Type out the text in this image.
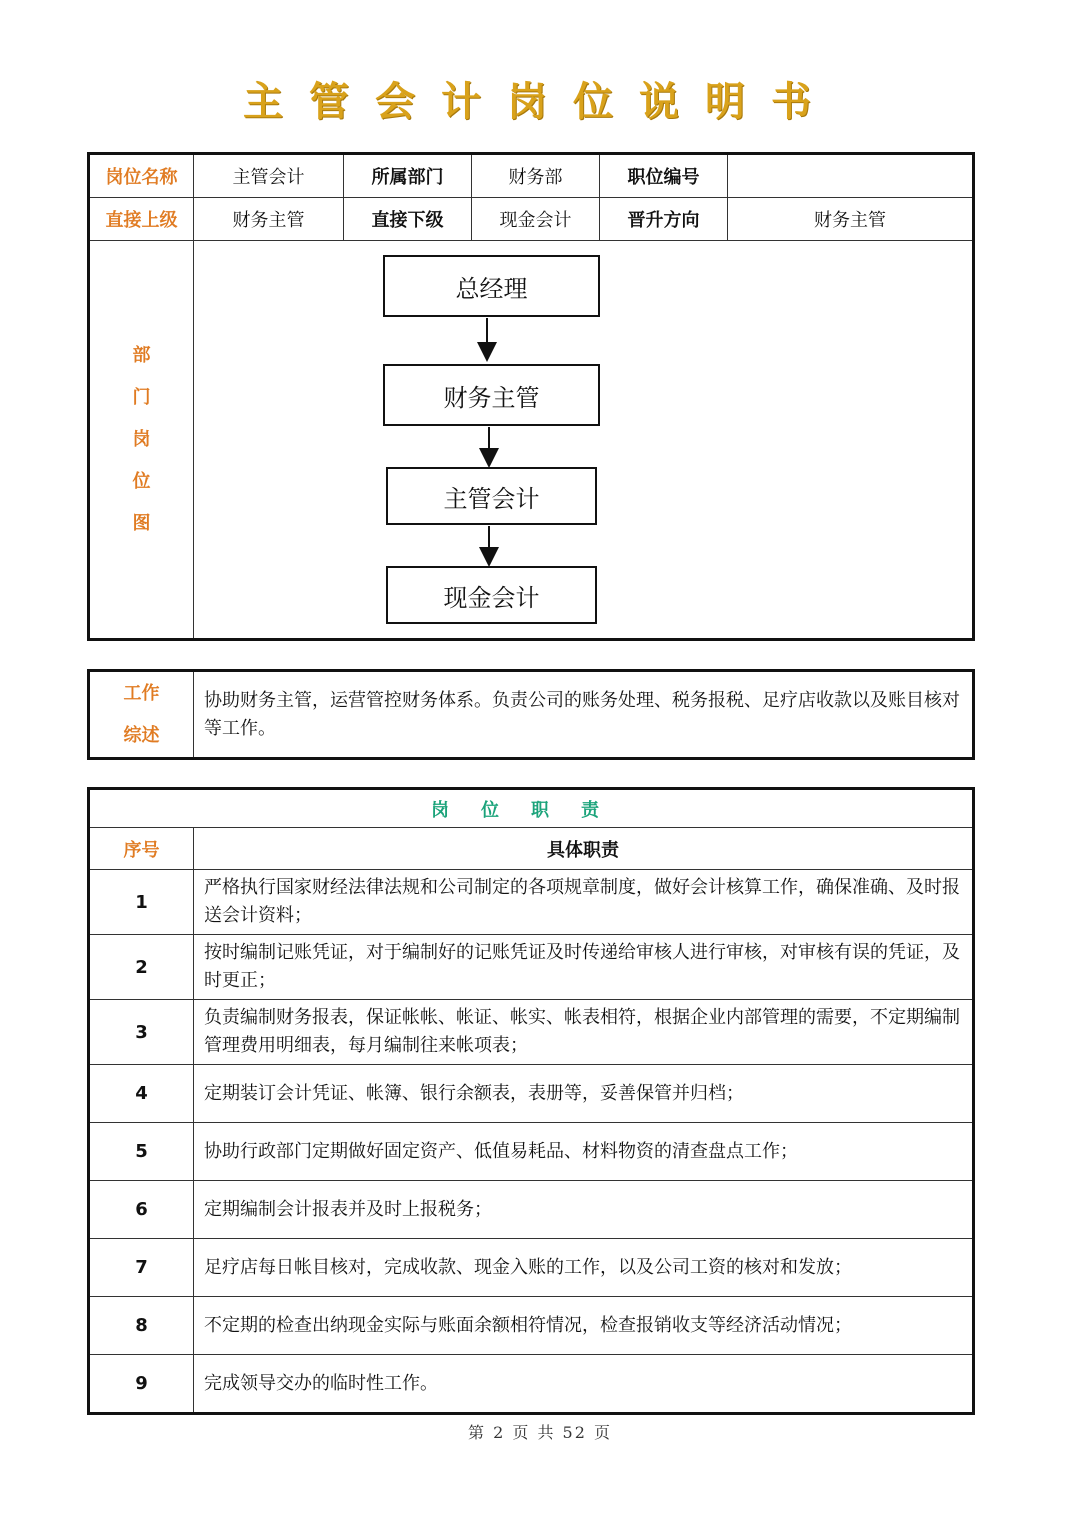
主管会计岗位说明书
岗位名称	主管会计	所属部门	财务部	职位编号	
直接上级	财务主管	直接下级	现金会计	晋升方向	财务主管

部
门
岗
位
图					

总经理
财务主管
主管会计
现金会计
工作
综述
	协助财务主管，运营管控财务体系。负责公司的账务处理、税务报税、足疗店收款以及账目核对等工作。
岗位职责	
序号	具体职责
1	严格执行国家财经法律法规和公司制定的各项规章制度，做好会计核算工作，确保准确、及时报送会计资料；
2	按时编制记账凭证，对于编制好的记账凭证及时传递给审核人进行审核，对审核有误的凭证，及时更正；
3	负责编制财务报表，保证帐帐、帐证、帐实、帐表相符，根据企业内部管理的需要，不定期编制管理费用明细表，每月编制往来帐项表；
4	定期装订会计凭证、帐簿、银行余额表，表册等，妥善保管并归档；
5	协助行政部门定期做好固定资产、低值易耗品、材料物资的清查盘点工作；
6	定期编制会计报表并及时上报税务；
7	足疗店每日帐目核对，完成收款、现金入账的工作，以及公司工资的核对和发放；
8	不定期的检查出纳现金实际与账面余额相符情况，检查报销收支等经济活动情况；
9	完成领导交办的临时性工作。
第 2 页 共 52 页
